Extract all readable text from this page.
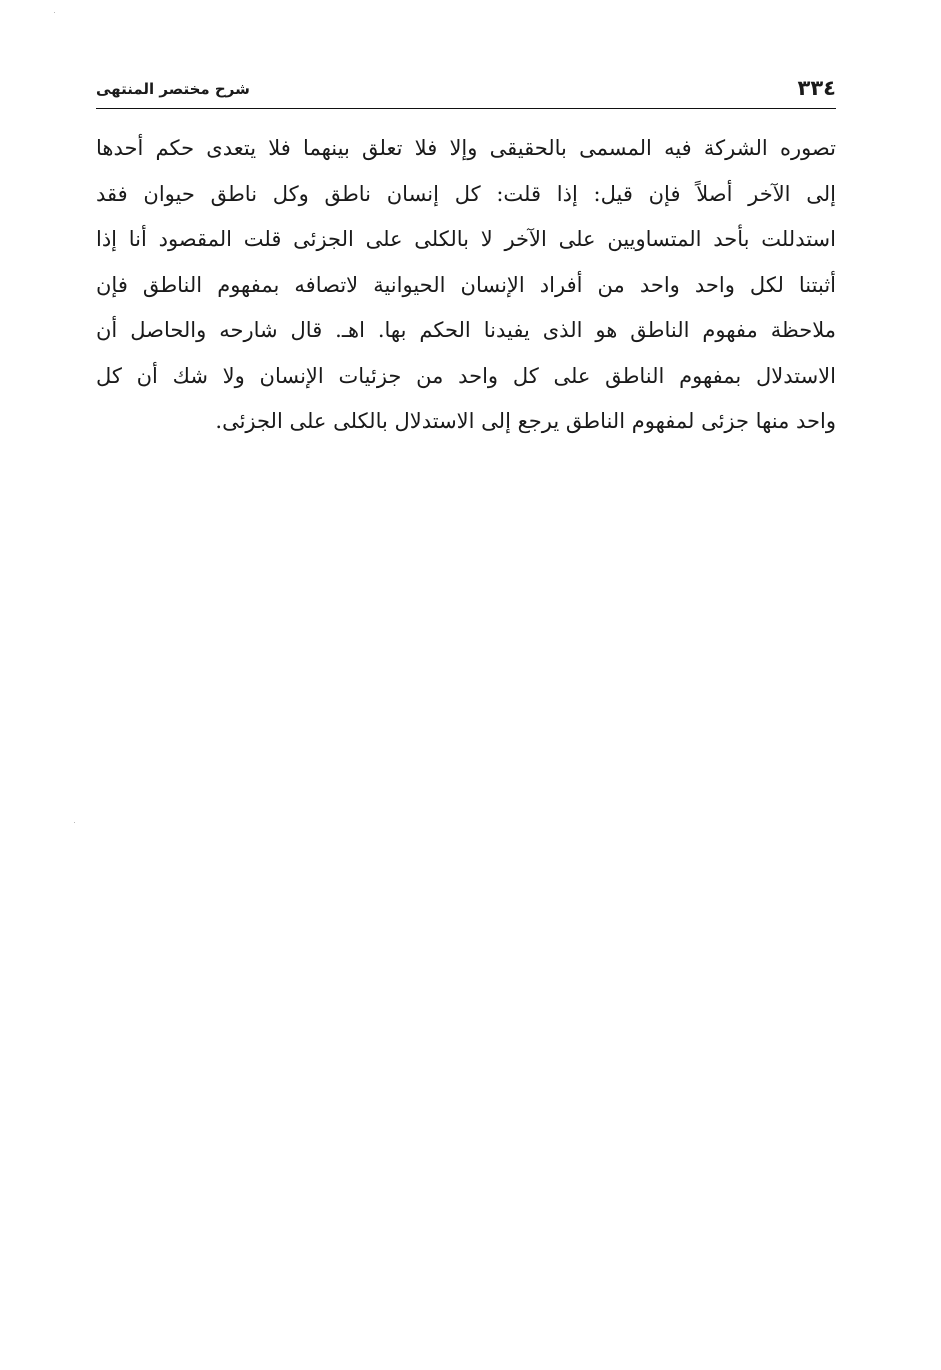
٣٣٤
شرح مختصر المنتهى
تصوره الشركة فيه المسمى بالحقيقى وإلا فلا تعلق بينهما فلا يتعدى حكم أحدها
إلى الآخر أصلاً فإن قيل: إذا قلت: كل إنسان ناطق وكل ناطق حيوان فقد
استدللت بأحد المتساويين على الآخر لا بالكلى على الجزئى قلت المقصود أنا إذا
أثبتنا لكل واحد واحد من أفراد الإنسان الحيوانية لاتصافه بمفهوم الناطق فإن
ملاحظة مفهوم الناطق هو الذى يفيدنا الحكم بها. اهـ. قال شارحه والحاصل أن
الاستدلال بمفهوم الناطق على كل واحد من جزئيات الإنسان ولا شك أن كل
واحد منها جزئى لمفهوم الناطق يرجع إلى الاستدلال بالكلى على الجزئى.
